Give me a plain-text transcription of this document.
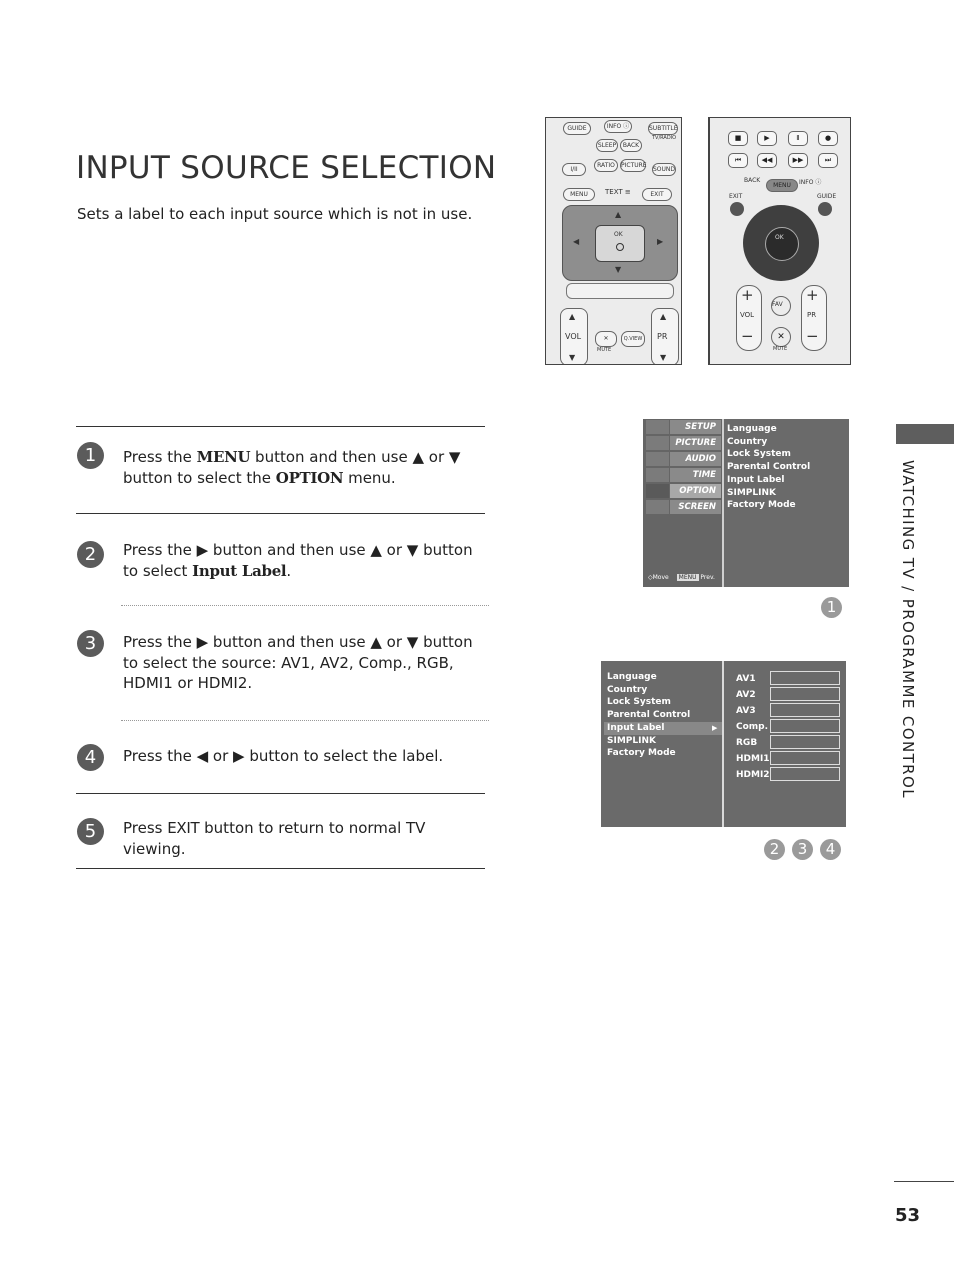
INPUT SOURCE SELECTION
Sets a label to each input source which is not in use.
GUIDE	INFO ⓘ	SUBTITLE
TV/RADIO
SLEEP	BACK
I/II
RATIO	PICTURE
SOUND
MENU	TEXT ≡	EXIT
OK
▲
▼
◀	▶
▲
VOL
▼
▲
PR
▼
✕
MUTE
Q.VIEW
■	▶	Ⅱ	●
⏮	◀◀	▶▶	⏭
BACK
MENU	INFO ⓘ
EXIT	GUIDE
OK
FAV
+
VOL
−
+
PR
−
✕
MUTE
1	Press the MENU button and then use ▲ or ▼ button to select the OPTION menu.
2	Press the ▶ button and then use ▲ or ▼ button to select Input Label.
3	Press the ▶ button and then use ▲ or ▼ button to select the source: AV1, AV2, Comp., RGB, HDMI1 or HDMI2.
4	Press the ◀ or ▶ button to select the label.
5	Press EXIT button to return to normal TV viewing.
WATCHING TV / PROGRAMME CONTROL
SETUP
PICTURE
AUDIO
TIME
OPTION
SCREEN
◇Move MENU Prev.
Language
Country
Lock System
Parental Control
Input Label
SIMPLINK
Factory Mode
1
Language
Country
Lock System
Parental Control
Input Label
SIMPLINK
Factory Mode
▶
AV1
AV2
AV3
Comp.
RGB
HDMI1
HDMI2
2	3	4
53
